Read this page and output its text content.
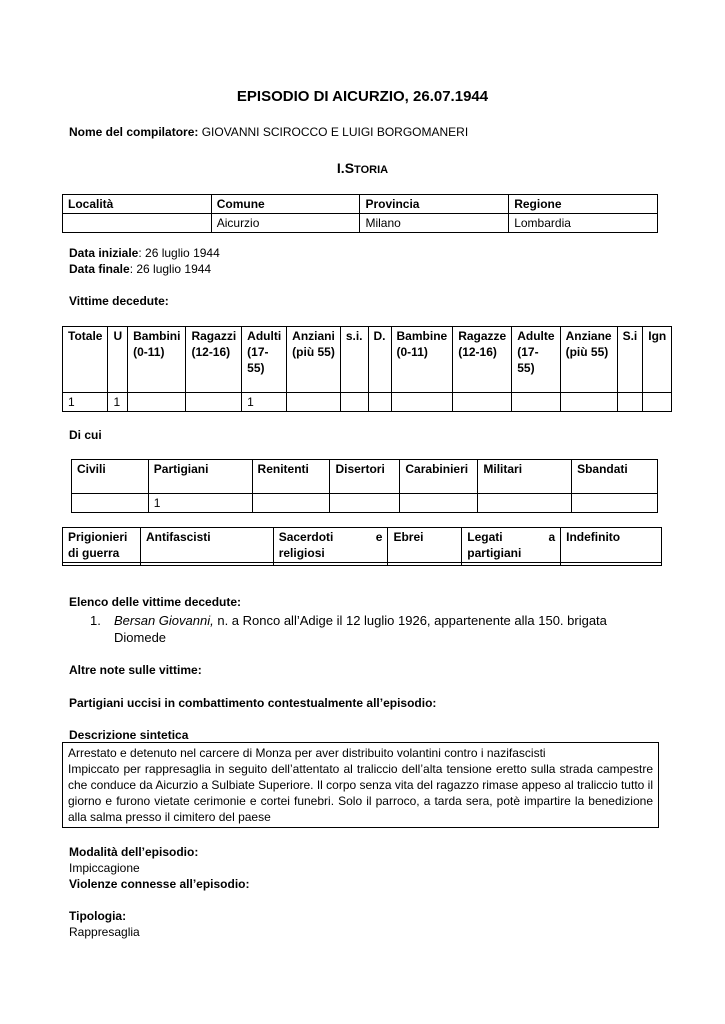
EPISODIO DI AICURZIO, 26.07.1944
Nome del compilatore: GIOVANNI SCIROCCO E LUIGI BORGOMANERI
I.STORIA
Località	Comune	Provincia	Regione
	Aicurzio	Milano	Lombardia
Data iniziale: 26 luglio 1944
Data finale: 26 luglio 1944
Vittime decedute:
Totale	U	Bambini (0-11)	Ragazzi (12-16)	Adulti (17-55)	Anziani (più 55)	s.i.	D.	Bambine (0-11)	Ragazze (12-16)	Adulte (17-55)	Anziane (più 55)	S.i	Ign
1	1			1									
Di cui
Civili	Partigiani	Renitenti	Disertori	Carabinieri	Militari	Sbandati
	1					
Prigionieri di guerra	Antifascisti	Sacerdoti e religiosi	Ebrei	Legati a partigiani	Indefinito

Elenco delle vittime decedute:
1. Bersan Giovanni, n. a Ronco all’Adige il 12 luglio 1926, appartenente alla 150. brigata Diomede
Altre note sulle vittime:
Partigiani uccisi in combattimento contestualmente all’episodio:
Descrizione sintetica
Arrestato e detenuto nel carcere di Monza per aver distribuito volantini contro i nazifascisti
Impiccato per rappresaglia in seguito dell’attentato al traliccio dell’alta tensione eretto sulla strada campestre che conduce da Aicurzio a Sulbiate Superiore. Il corpo senza vita del ragazzo rimase appeso al traliccio tutto il giorno e furono vietate cerimonie e cortei funebri. Solo il parroco, a tarda sera, potè impartire la benedizione alla salma presso il cimitero del paese
Modalità dell’episodio:
Impiccagione
Violenze connesse all’episodio:
Tipologia:
Rappresaglia
